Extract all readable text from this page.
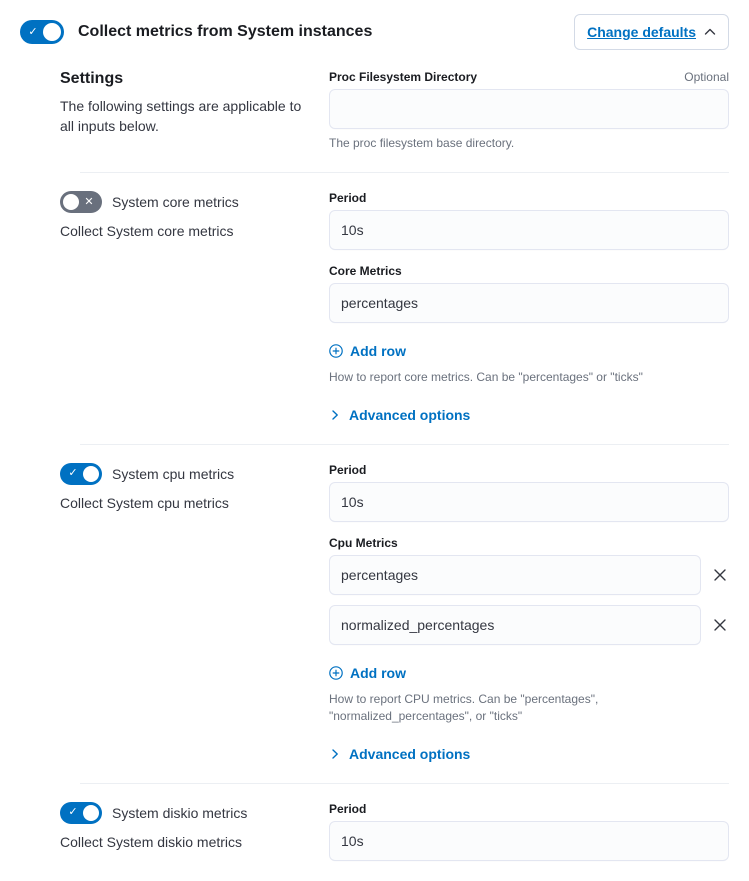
✓	Collect metrics from System instances	Change defaults
Settings
The following settings are applicable to all inputs below.
Proc Filesystem Directory	Optional
The proc filesystem base directory.
✕	System core metrics
Collect System core metrics
Period
10s
Core Metrics
percentages
Add row
How to report core metrics. Can be "percentages" or "ticks"
Advanced options
✓	System cpu metrics
Collect System cpu metrics
Period
10s
Cpu Metrics
percentages
normalized_percentages
Add row
How to report CPU metrics. Can be "percentages", "normalized_percentages", or "ticks"
Advanced options
✓	System diskio metrics
Collect System diskio metrics
Period
10s
